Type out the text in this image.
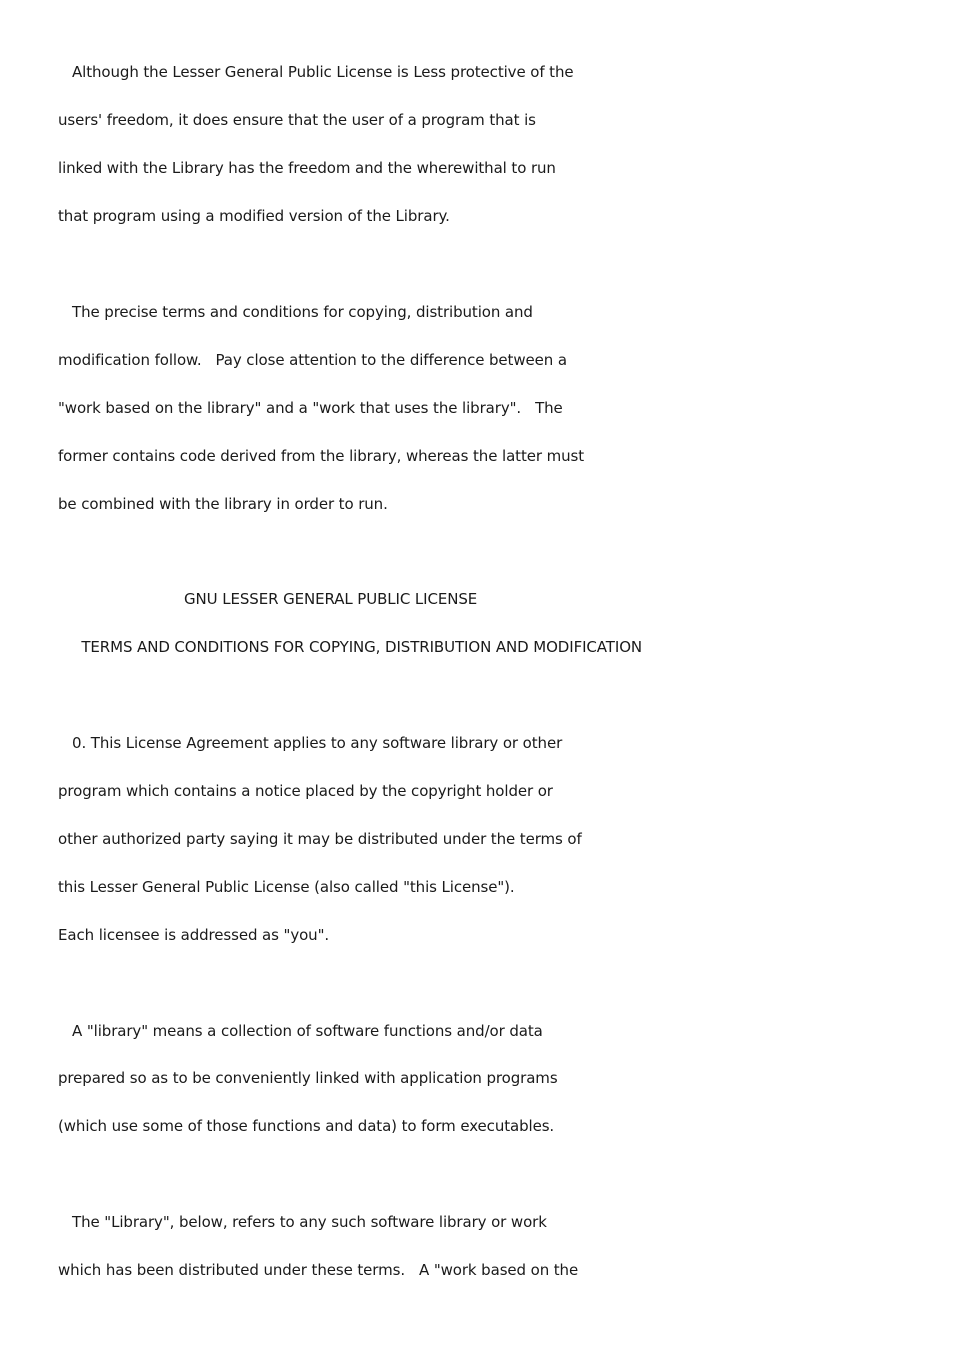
Although the Lesser General Public License is Less protective of the
users' freedom, it does ensure that the user of a program that is
linked with the Library has the freedom and the wherewithal to run
that program using a modified version of the Library.
The precise terms and conditions for copying, distribution and
modification follow.   Pay close attention to the difference between a
"work based on the library" and a "work that uses the library".   The
former contains code derived from the library, whereas the latter must
be combined with the library in order to run.
GNU LESSER GENERAL PUBLIC LICENSE
TERMS AND CONDITIONS FOR COPYING, DISTRIBUTION AND MODIFICATION
0. This License Agreement applies to any software library or other
program which contains a notice placed by the copyright holder or
other authorized party saying it may be distributed under the terms of
this Lesser General Public License (also called "this License").
Each licensee is addressed as "you".
A "library" means a collection of software functions and/or data
prepared so as to be conveniently linked with application programs
(which use some of those functions and data) to form executables.
The "Library", below, refers to any such software library or work
which has been distributed under these terms.   A "work based on the
